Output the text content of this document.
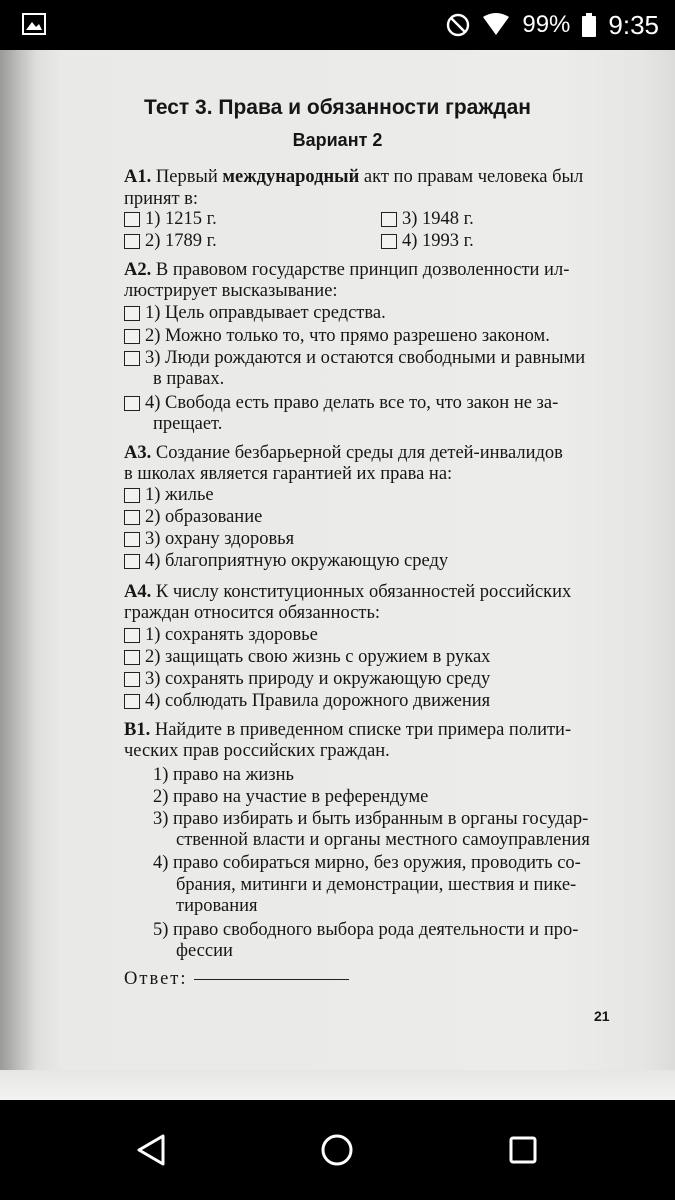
99% 9:35
Тест 3. Права и обязанности граждан
Вариант 2
А1. Первый международный акт по правам человека был
принят в:
1) 1215 г.
2) 1789 г.
3) 1948 г.
4) 1993 г.
А2. В правовом государстве принцип дозволенности ил-
люстрирует высказывание:
1) Цель оправдывает средства.
2) Можно только то, что прямо разрешено законом.
3) Люди рождаются и остаются свободными и равными
в правах.
4) Свобода есть право делать все то, что закон не за-
прещает.
А3. Создание безбарьерной среды для детей-инвалидов
в школах является гарантией их права на:
1) жилье
2) образование
3) охрану здоровья
4) благоприятную окружающую среду
А4. К числу конституционных обязанностей российских
граждан относится обязанность:
1) сохранять здоровье
2) защищать свою жизнь с оружием в руках
3) сохранять природу и окружающую среду
4) соблюдать Правила дорожного движения
В1. Найдите в приведенном списке три примера полити-
ческих прав российских граждан.
1) право на жизнь
2) право на участие в референдуме
3) право избирать и быть избранным в органы государ-
ственной власти и органы местного самоуправления
4) право собираться мирно, без оружия, проводить со-
брания, митинги и демонстрации, шествия и пике-
тирования
5) право свободного выбора рода деятельности и про-
фессии
Ответ:
21
